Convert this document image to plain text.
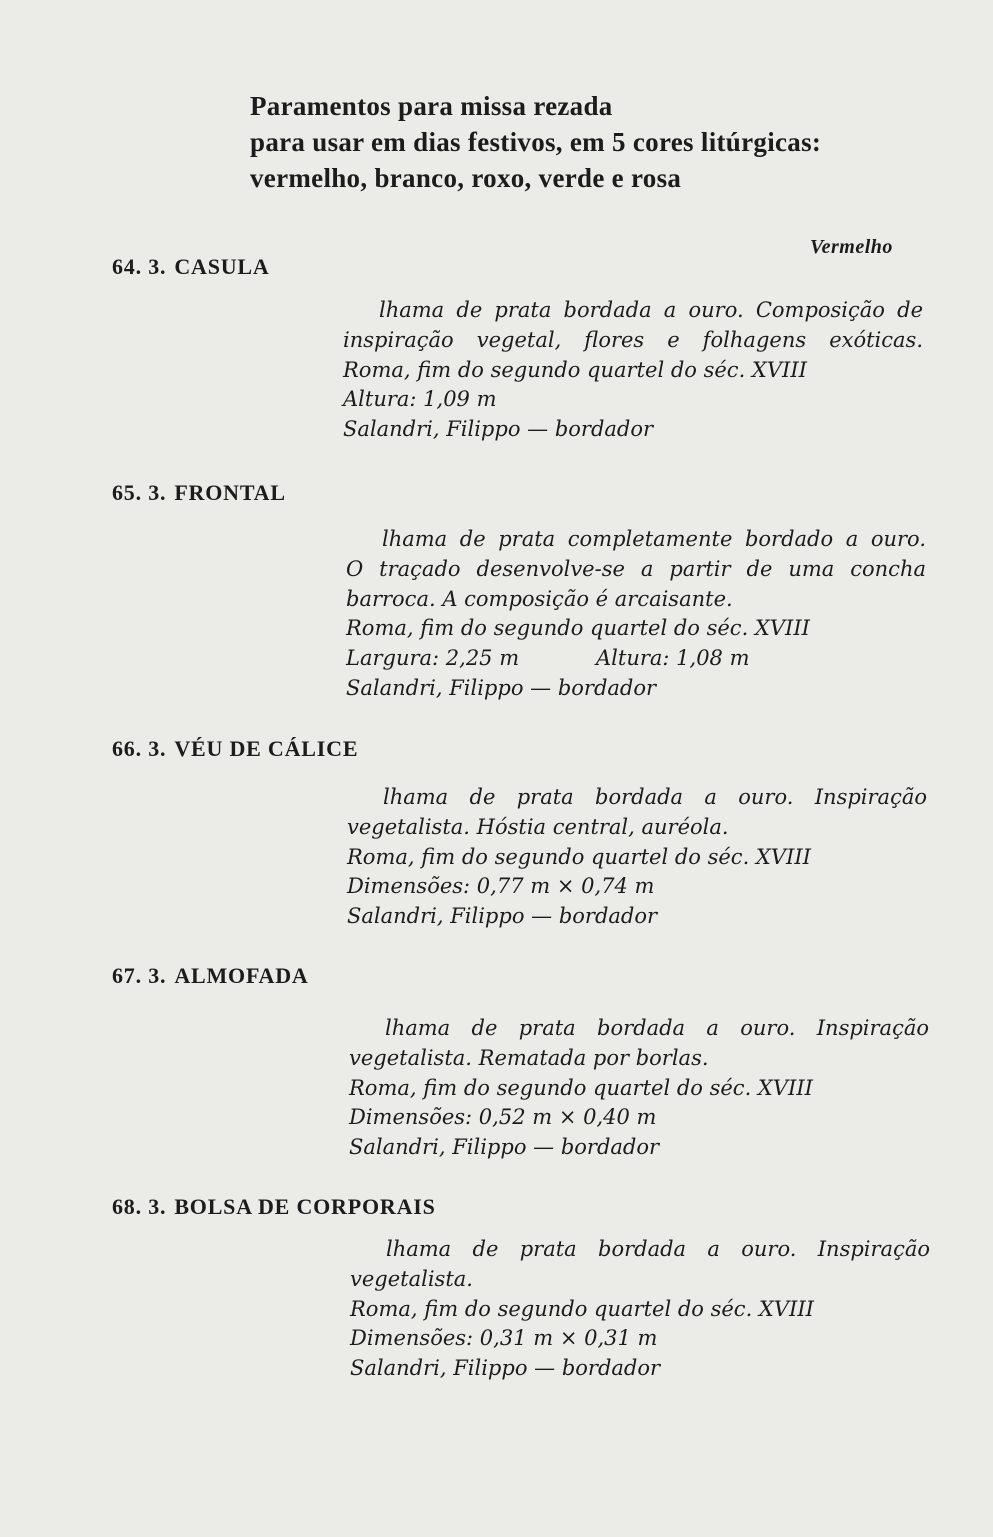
Paramentos para missa rezada
para usar em dias festivos, em 5 cores litúrgicas:
vermelho, branco, roxo, verde e rosa
Vermelho
64. 3. CASULA
lhama de prata bordada a ouro. Composição de
inspiração vegetal, flores e folhagens exóticas.
Roma, fim do segundo quartel do séc. XVIII
Altura: 1,09 m
Salandri, Filippo — bordador
65. 3. FRONTAL
lhama de prata completamente bordado a ouro.
O traçado desenvolve-se a partir de uma concha
barroca. A composição é arcaisante.
Roma, fim do segundo quartel do séc. XVIII
Largura: 2,25 m	Altura: 1,08 m
Salandri, Filippo — bordador
66. 3. VÉU DE CÁLICE
lhama de prata bordada a ouro. Inspiração
vegetalista. Hóstia central, auréola.
Roma, fim do segundo quartel do séc. XVIII
Dimensões: 0,77 m × 0,74 m
Salandri, Filippo — bordador
67. 3. ALMOFADA
lhama de prata bordada a ouro. Inspiração
vegetalista. Rematada por borlas.
Roma, fim do segundo quartel do séc. XVIII
Dimensões: 0,52 m × 0,40 m
Salandri, Filippo — bordador
68. 3. BOLSA DE CORPORAIS
lhama de prata bordada a ouro. Inspiração
vegetalista.
Roma, fim do segundo quartel do séc. XVIII
Dimensões: 0,31 m × 0,31 m
Salandri, Filippo — bordador
